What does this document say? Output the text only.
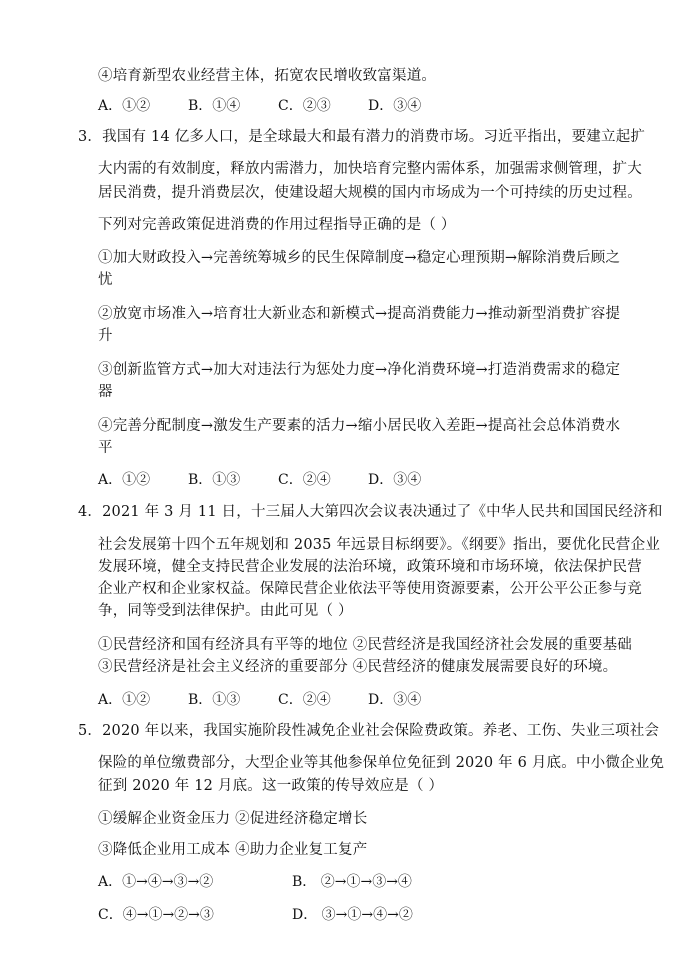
④培育新型农业经营主体，拓宽农民增收致富渠道。
A．①②	B．①④	C．②③	D．③④
3．我国有 14 亿多人口，是全球最大和最有潜力的消费市场。习近平指出，要建立起扩
大内需的有效制度，释放内需潜力，加快培育完整内需体系，加强需求侧管理，扩大
居民消费，提升消费层次，使建设超大规模的国内市场成为一个可持续的历史过程。
下列对完善政策促进消费的作用过程指导正确的是（ ）
①加大财政投入→完善统筹城乡的民生保障制度→稳定心理预期→解除消费后顾之
忧
②放宽市场准入→培育壮大新业态和新模式→提高消费能力→推动新型消费扩容提
升
③创新监管方式→加大对违法行为惩处力度→净化消费环境→打造消费需求的稳定
器
④完善分配制度→激发生产要素的活力→缩小居民收入差距→提高社会总体消费水
平
A．①②	B．①③	C．②④	D．③④
4．2021 年 3 月 11 日，十三届人大第四次会议表决通过了《中华人民共和国国民经济和
社会发展第十四个五年规划和 2035 年远景目标纲要》。《纲要》指出，要优化民营企业
发展环境，健全支持民营企业发展的法治环境，政策环境和市场环境，依法保护民营
企业产权和企业家权益。保障民营企业依法平等使用资源要素，公开公平公正参与竞
争，同等受到法律保护。由此可见（ ）
①民营经济和国有经济具有平等的地位 ②民营经济是我国经济社会发展的重要基础
③民营经济是社会主义经济的重要部分 ④民营经济的健康发展需要良好的环境。
A．①②	B．①③	C．②④	D．③④
5．2020 年以来，我国实施阶段性减免企业社会保险费政策。养老、工伤、失业三项社会
保险的单位缴费部分，大型企业等其他参保单位免征到 2020 年 6 月底。中小微企业免
征到 2020 年 12 月底。这一政策的传导效应是（ ）
①缓解企业资金压力 ②促进经济稳定增长
③降低企业用工成本 ④助力企业复工复产
A．①→④→③→②	B． ②→①→③→④
C．④→①→②→③	D． ③→①→④→②
